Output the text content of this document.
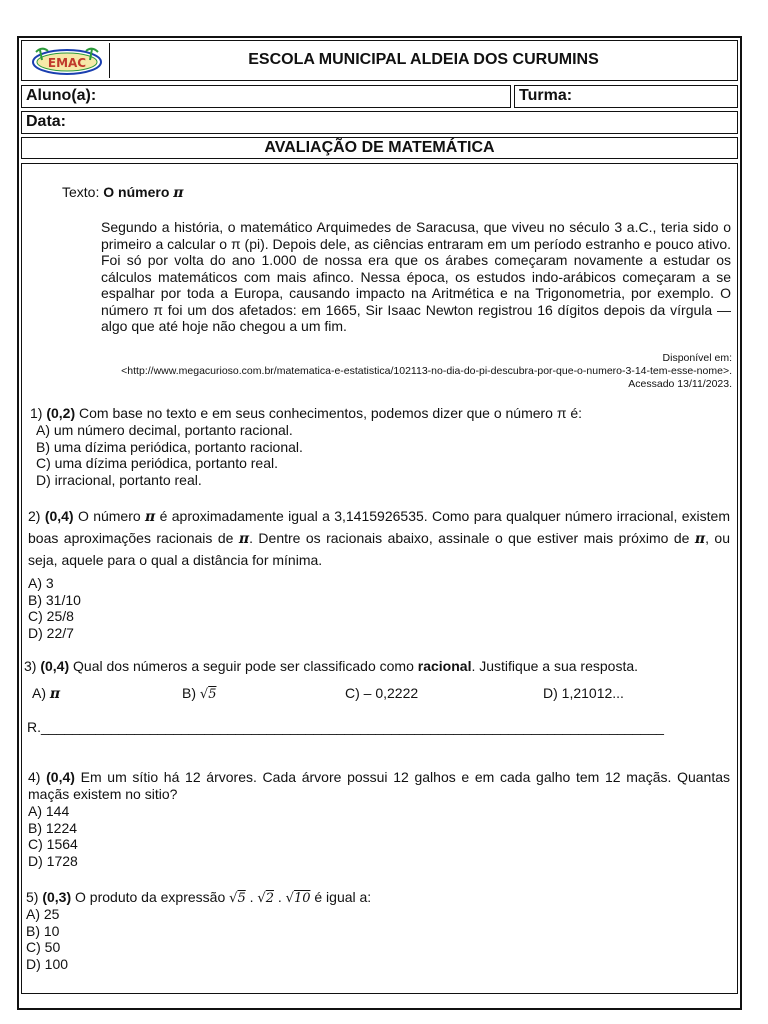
EMAC	ESCOLA MUNICIPAL ALDEIA DOS CURUMINS
Aluno(a):	Turma:
Data:
AVALIAÇÃO DE MATEMÁTICA
Texto: O número π
Segundo a história, o matemático Arquimedes de Saracusa, que viveu no século 3 a.C., teria sido o primeiro a calcular o π (pi). Depois dele, as ciências entraram em um período estranho e pouco ativo. Foi só por volta do ano 1.000 de nossa era que os árabes começaram novamente a estudar os cálculos matemáticos com mais afinco. Nessa época, os estudos indo-arábicos começaram a se espalhar por toda a Europa, causando impacto na Aritmética e na Trigonometria, por exemplo. O número π foi um dos afetados: em 1665, Sir Isaac Newton registrou 16 dígitos depois da vírgula — algo que até hoje não chegou a um fim.
Disponível em:
<http://www.megacurioso.com.br/matematica-e-estatistica/102113-no-dia-do-pi-descubra-por-que-o-numero-3-14-tem-esse-nome>.
Acessado 13/11/2023.
1) (0,2) Com base no texto e em seus conhecimentos, podemos dizer que o número π é:
A) um número decimal, portanto racional.
B) uma dízima periódica, portanto racional.
C) uma dízima periódica, portanto real.
D) irracional, portanto real.
2) (0,4) O número π é aproximadamente igual a 3,1415926535. Como para qualquer número irracional, existem boas aproximações racionais de π. Dentre os racionais abaixo, assinale o que estiver mais próximo de π, ou seja, aquele para o qual a distância for mínima.
A) 3
B) 31/10
C) 25/8
D) 22/7
3) (0,4) Qual dos números a seguir pode ser classificado como racional. Justifique a sua resposta.
A) π	B) √5	C) – 0,2222	D) 1,21012...
R.________________________________________________________________________________
4) (0,4) Em um sítio há 12 árvores. Cada árvore possui 12 galhos e em cada galho tem 12 maçãs. Quantas maçãs existem no sitio?
A) 144
B) 1224
C) 1564
D) 1728
5) (0,3) O produto da expressão √5 . √2 . √10 é igual a:
A) 25
B) 10
C) 50
D) 100
